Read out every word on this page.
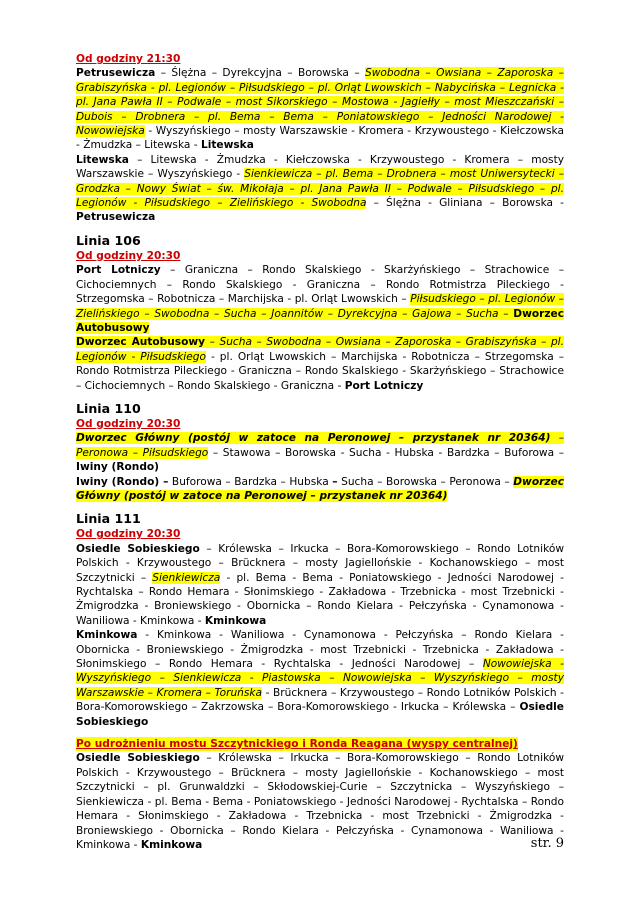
Od godziny 21:30

Petrusewicza – Ślężna – Dyrekcyjna – Borowska – Swobodna – Owsiana – Zaporoska – Grabiszyńska - pl. Legionów – Piłsudskiego – pl. Orląt Lwowskich – Nabycińska – Legnicka - pl. Jana Pawła II – Podwale – most Sikorskiego – Mostowa - Jagiełły – most Mieszczański – Dubois – Drobnera – pl. Bema – Bema – Poniatowskiego – Jedności Narodowej - Nowowiejska - Wyszyńskiego – mosty Warszawskie - Kromera - Krzywoustego - Kiełczowska - Żmudzka – Litewska - Litewska

Litewska – Litewska - Żmudzka - Kiełczowska - Krzywoustego - Kromera – mosty Warszawskie – Wyszyńskiego - Sienkiewicza – pl. Bema – Drobnera – most Uniwersytecki – Grodzka – Nowy Świat – św. Mikołaja – pl. Jana Pawła II – Podwale – Piłsudskiego – pl. Legionów - Piłsudskiego – Zielińskiego - Swobodna – Ślężna - Gliniana – Borowska - Petrusewicza

Linia 106
Od godziny 20:30

Port Lotniczy – Graniczna – Rondo Skalskiego - Skarżyńskiego – Strachowice – Cichociemnych – Rondo Skalskiego - Graniczna – Rondo Rotmistrza Pileckiego - Strzegomska – Robotnicza – Marchijska - pl. Orląt Lwowskich – Piłsudskiego – pl. Legionów – Zielińskiego – Swobodna – Sucha – Joannitów – Dyrekcyjna – Gajowa – Sucha – Dworzec Autobusowy

Dworzec Autobusowy – Sucha – Swobodna – Owsiana – Zaporoska – Grabiszyńska – pl. Legionów - Piłsudskiego - pl. Orląt Lwowskich – Marchijska - Robotnicza – Strzegomska – Rondo Rotmistrza Pileckiego - Graniczna – Rondo Skalskiego - Skarżyńskiego – Strachowice – Cichociemnych – Rondo Skalskiego - Graniczna - Port Lotniczy

Linia 110
Od godziny 20:30

Dworzec Główny (postój w zatoce na Peronowej – przystanek nr 20364) – Peronowa – Piłsudskiego – Stawowa – Borowska - Sucha - Hubska - Bardzka – Buforowa – Iwiny (Rondo)

Iwiny (Rondo) – Buforowa – Bardzka – Hubska – Sucha – Borowska – Peronowa – Dworzec Główny (postój w zatoce na Peronowej – przystanek nr 20364)

Linia 111
Od godziny 20:30

Osiedle Sobieskiego – Królewska – Irkucka – Bora-Komorowskiego – Rondo Lotników Polskich - Krzywoustego – Brücknera – mosty Jagiellońskie - Kochanowskiego – most Szczytnicki – Sienkiewicza - pl. Bema - Bema - Poniatowskiego - Jedności Narodowej - Rychtalska – Rondo Hemara - Słonimskiego - Zakładowa - Trzebnicka - most Trzebnicki - Żmigrodzka - Broniewskiego - Obornicka – Rondo Kielara - Pełczyńska - Cynamonowa - Waniliowa - Kminkowa - Kminkowa

Kminkowa - Kminkowa - Waniliowa - Cynamonowa - Pełczyńska – Rondo Kielara - Obornicka - Broniewskiego - Żmigrodzka - most Trzebnicki - Trzebnicka - Zakładowa - Słonimskiego – Rondo Hemara - Rychtalska - Jedności Narodowej – Nowowiejska - Wyszyńskiego – Sienkiewicza - Piastowska – Nowowiejska – Wyszyńskiego – mosty Warszawskie – Kromera – Toruńska - Brücknera – Krzywoustego – Rondo Lotników Polskich - Bora-Komorowskiego – Zakrzowska – Bora-Komorowskiego - Irkucka – Królewska – Osiedle Sobieskiego

Po udrożnieniu mostu Szczytnickiego i Ronda Reagana (wyspy centralnej)

Osiedle Sobieskiego – Królewska – Irkucka – Bora-Komorowskiego – Rondo Lotników Polskich - Krzywoustego – Brücknera – mosty Jagiellońskie - Kochanowskiego – most Szczytnicki – pl. Grunwaldzki – Skłodowskiej-Curie – Szczytnicka – Wyszyńskiego – Sienkiewicza - pl. Bema - Bema - Poniatowskiego - Jedności Narodowej - Rychtalska – Rondo Hemara - Słonimskiego - Zakładowa - Trzebnicka - most Trzebnicki - Żmigrodzka - Broniewskiego - Obornicka – Rondo Kielara - Pełczyńska - Cynamonowa - Waniliowa - Kminkowa - Kminkowa	str. 9
